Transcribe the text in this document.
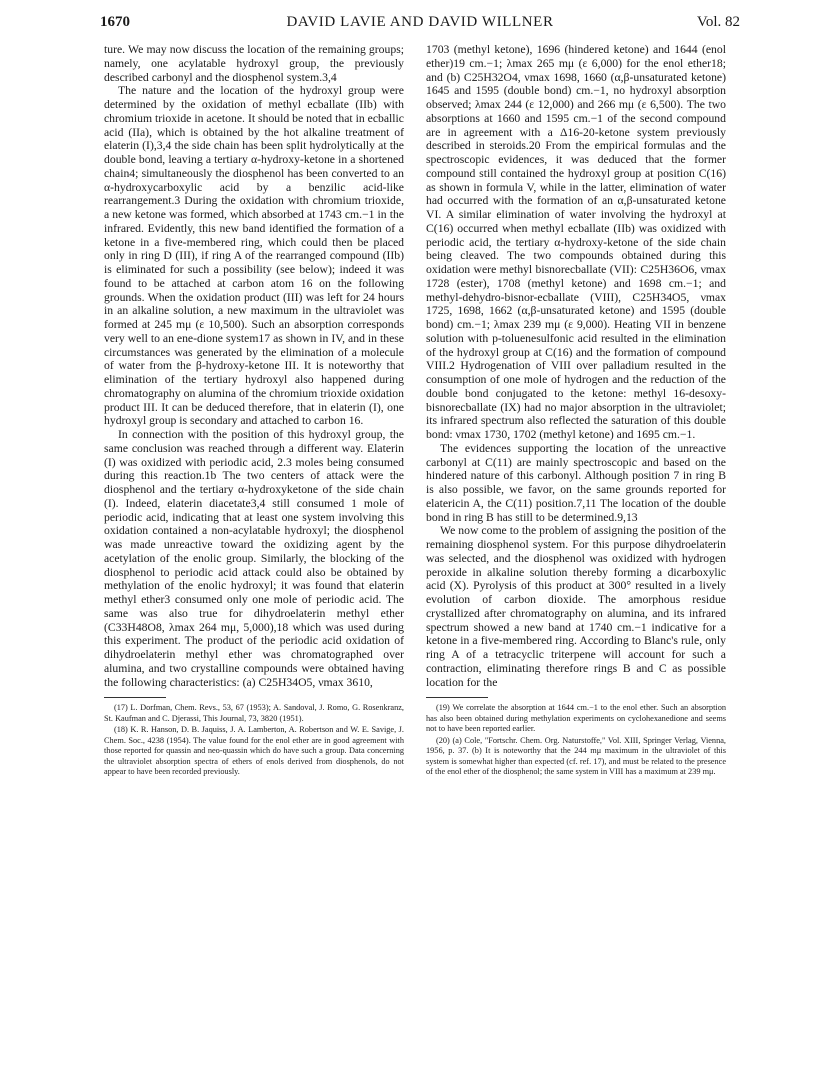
1670	DAVID LAVIE AND DAVID WILLNER	Vol. 82

ture. We may now discuss the location of the remaining groups; namely, one acylatable hydroxyl group, the previously described carbonyl and the diosphenol system.3,4

The nature and the location of the hydroxyl group were determined by the oxidation of methyl ecballate (IIb) with chromium trioxide in acetone. It should be noted that in ecballic acid (IIa), which is obtained by the hot alkaline treatment of elaterin (I),3,4 the side chain has been split hydrolytically at the double bond, leaving a tertiary α-hydroxy-ketone in a shortened chain4; simultaneously the diosphenol has been converted to an α-hydroxycarboxylic acid by a benzilic acid-like rearrangement.3 During the oxidation with chromium trioxide, a new ketone was formed, which absorbed at 1743 cm.−1 in the infrared. Evidently, this new band identified the formation of a ketone in a five-membered ring, which could then be placed only in ring D (III), if ring A of the rearranged compound (IIb) is eliminated for such a possibility (see below); indeed it was found to be attached at carbon atom 16 on the following grounds. When the oxidation product (III) was left for 24 hours in an alkaline solution, a new maximum in the ultraviolet was formed at 245 mμ (ε 10,500). Such an absorption corresponds very well to an ene-dione system17 as shown in IV, and in these circumstances was generated by the elimination of a molecule of water from the β-hydroxy-ketone III. It is noteworthy that elimination of the tertiary hydroxyl also happened during chromatography on alumina of the chromium trioxide oxidation product III. It can be deduced therefore, that in elaterin (I), one hydroxyl group is secondary and attached to carbon 16.

In connection with the position of this hydroxyl group, the same conclusion was reached through a different way. Elaterin (I) was oxidized with periodic acid, 2.3 moles being consumed during this reaction.1b The two centers of attack were the diosphenol and the tertiary α-hydroxyketone of the side chain (I). Indeed, elaterin diacetate3,4 still consumed 1 mole of periodic acid, indicating that at least one system involving this oxidation contained a non-acylatable hydroxyl; the diosphenol was made unreactive toward the oxidizing agent by the acetylation of the enolic group. Similarly, the blocking of the diosphenol to periodic acid attack could also be obtained by methylation of the enolic hydroxyl; it was found that elaterin methyl ether3 consumed only one mole of periodic acid. The same was also true for dihydroelaterin methyl ether (C33H48O8, λmax 264 mμ, 5,000),18 which was used during this experiment. The product of the periodic acid oxidation of dihydroelaterin methyl ether was chromatographed over alumina, and two crystalline compounds were obtained having the following characteristics: (a) C25H34O5, νmax 3610,

(17) L. Dorfman, Chem. Revs., 53, 67 (1953); A. Sandoval, J. Romo, G. Rosenkranz, St. Kaufman and C. Djerassi, This Journal, 73, 3820 (1951).

(18) K. R. Hanson, D. B. Jaquiss, J. A. Lamberton, A. Robertson and W. E. Savige, J. Chem. Soc., 4238 (1954). The value found for the enol ether are in good agreement with those reported for quassin and neo-quassin which do have such a group. Data concerning the ultraviolet absorption spectra of ethers of enols derived from diosphenols, do not appear to have been recorded previously.

1703 (methyl ketone), 1696 (hindered ketone) and 1644 (enol ether)19 cm.−1; λmax 265 mμ (ε 6,000) for the enol ether18; and (b) C25H32O4, νmax 1698, 1660 (α,β-unsaturated ketone) 1645 and 1595 (double bond) cm.−1, no hydroxyl absorption observed; λmax 244 (ε 12,000) and 266 mμ (ε 6,500). The two absorptions at 1660 and 1595 cm.−1 of the second compound are in agreement with a Δ16-20-ketone system previously described in steroids.20 From the empirical formulas and the spectroscopic evidences, it was deduced that the former compound still contained the hydroxyl group at position C(16) as shown in formula V, while in the latter, elimination of water had occurred with the formation of an α,β-unsaturated ketone VI. A similar elimination of water involving the hydroxyl at C(16) occurred when methyl ecballate (IIb) was oxidized with periodic acid, the tertiary α-hydroxy-ketone of the side chain being cleaved. The two compounds obtained during this oxidation were methyl bisnorecballate (VII): C25H36O6, νmax 1728 (ester), 1708 (methyl ketone) and 1698 cm.−1; and methyl-dehydro-bisnor-ecballate (VIII), C25H34O5, νmax 1725, 1698, 1662 (α,β-unsaturated ketone) and 1595 (double bond) cm.−1; λmax 239 mμ (ε 9,000). Heating VII in benzene solution with p-toluenesulfonic acid resulted in the elimination of the hydroxyl group at C(16) and the formation of compound VIII.2 Hydrogenation of VIII over palladium resulted in the consumption of one mole of hydrogen and the reduction of the double bond conjugated to the ketone: methyl 16-desoxy-bisnorecballate (IX) had no major absorption in the ultraviolet; its infrared spectrum also reflected the saturation of this double bond: νmax 1730, 1702 (methyl ketone) and 1695 cm.−1.

The evidences supporting the location of the unreactive carbonyl at C(11) are mainly spectroscopic and based on the hindered nature of this carbonyl. Although position 7 in ring B is also possible, we favor, on the same grounds reported for elatericin A, the C(11) position.7,11 The location of the double bond in ring B has still to be determined.9,13

We now come to the problem of assigning the position of the remaining diosphenol system. For this purpose dihydroelaterin was selected, and the diosphenol was oxidized with hydrogen peroxide in alkaline solution thereby forming a dicarboxylic acid (X). Pyrolysis of this product at 300° resulted in a lively evolution of carbon dioxide. The amorphous residue crystallized after chromatography on alumina, and its infrared spectrum showed a new band at 1740 cm.−1 indicative for a ketone in a five-membered ring. According to Blanc's rule, only ring A of a tetracyclic triterpene will account for such a contraction, eliminating therefore rings B and C as possible location for the

(19) We correlate the absorption at 1644 cm.−1 to the enol ether. Such an absorption has also been obtained during methylation experiments on cyclohexanedione and seems not to have been reported earlier.

(20) (a) Cole, "Fortschr. Chem. Org. Naturstoffe," Vol. XIII, Springer Verlag, Vienna, 1956, p. 37. (b) It is noteworthy that the 244 mμ maximum in the ultraviolet of this system is somewhat higher than expected (cf. ref. 17), and must be related to the presence of the enol ether of the diosphenol; the same system in VIII has a maximum at 239 mμ.
